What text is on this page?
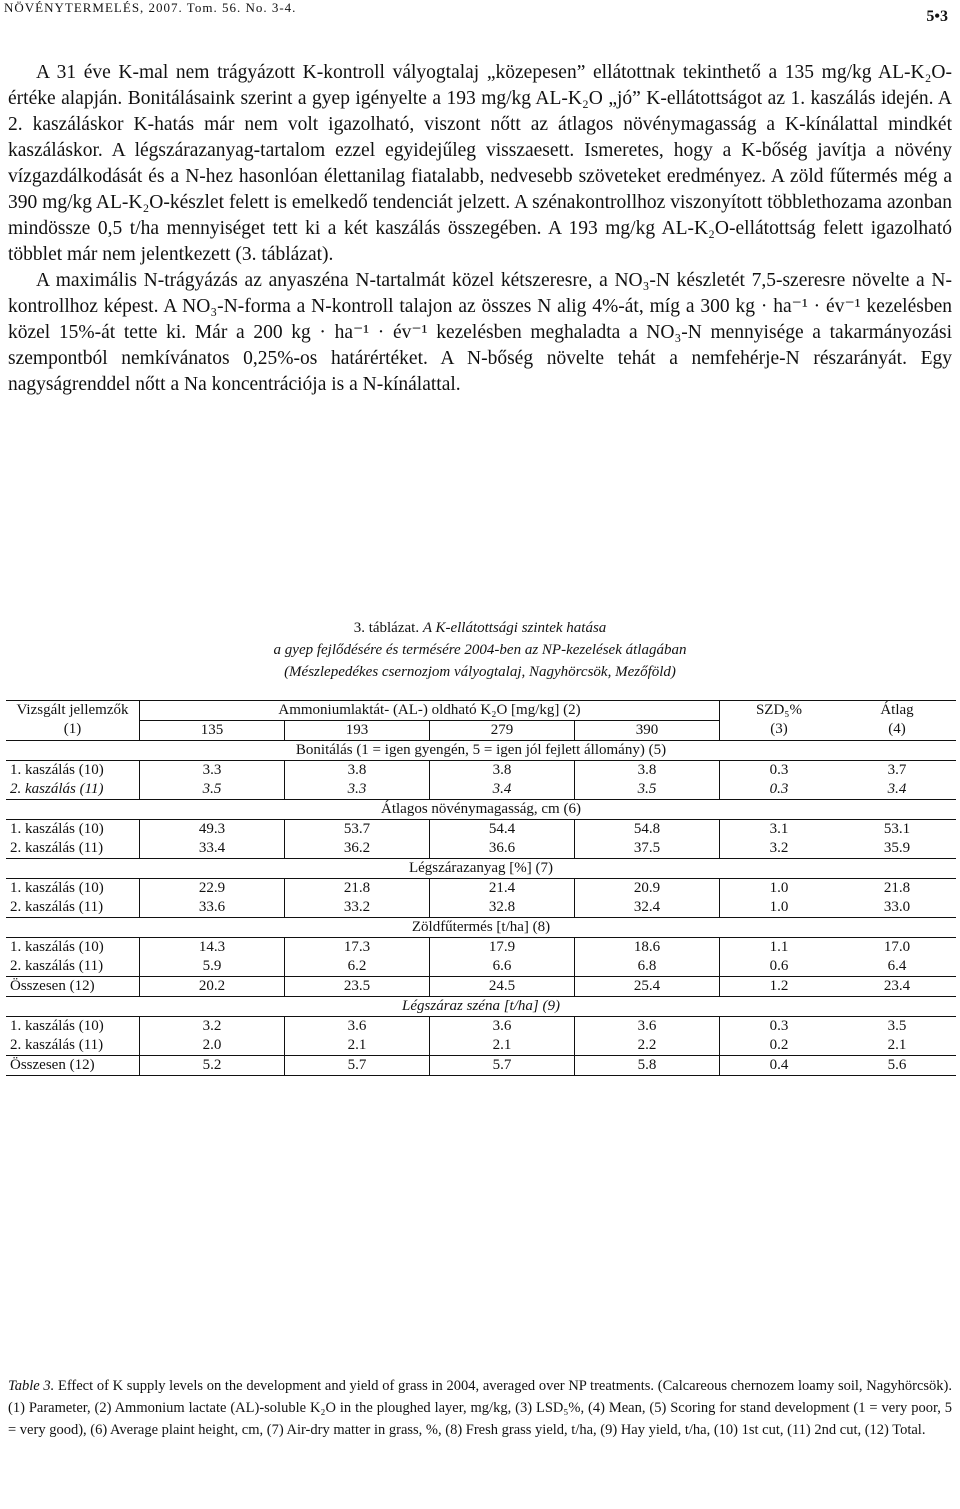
NÖVÉNYTERMELÉS, 2007. Tom. 56. No. 3-4.
5•3

A 31 éve K-mal nem trágyázott K-kontroll vályogtalaj „közepesen” ellátottnak tekinthető a 135 mg/kg AL-K₂O-értéke alapján. Bonitálásaink szerint a gyep igényelte a 193 mg/kg AL-K₂O „jó” K-ellátottságot az 1. kaszálás idején. A 2. kaszáláskor K-hatás már nem volt igazolható, viszont nőtt az átlagos növénymagasság a K-kínálattal mindkét kaszáláskor. A légszárazanyag-tartalom ezzel egyidejűleg visszaesett. Ismeretes, hogy a K-bőség javítja a növény vízgazdálkodását és a N-hez hasonlóan élettanilag fiatalabb, nedvesebb szöveteket eredményez. A zöld fűtermés még a 390 mg/kg AL-K₂O-készlet felett is emelkedő tendenciát jelzett. A szénakontrollhoz viszonyított többlethozama azonban mindössze 0,5 t/ha mennyiséget tett ki a két kaszálás összegében. A 193 mg/kg AL-K₂O-ellátottság felett igazolható többlet már nem jelentkezett (3. táblázat).

A maximális N-trágyázás az anyaszéna N-tartalmát közel kétszeresre, a NO₃-N készletét 7,5-szeresre növelte a N-kontrollhoz képest. A NO₃-N-forma a N-kontroll talajon az összes N alig 4%-át, míg a 300 kg · ha⁻¹ · év⁻¹ kezelésben közel 15%-át tette ki. Már a 200 kg · ha⁻¹ · év⁻¹ kezelésben meghaladta a NO₃-N mennyisége a takarmányozási szempontból nemkívánatos 0,25%-os határértéket. A N-bőség növelte tehát a nemfehérje-N részarányát. Egy nagyságrenddel nőtt a Na koncentrációja is a N-kínálattal.

3. táblázat. A K-ellátottsági szintek hatása
a gyep fejlődésére és termésére 2004-ben az NP-kezelések átlagában
(Mészlepedékes csernozjom vályogtalaj, Nagyhörcsök, Mezőföld)
Vizsgált jellemzők	Ammoniumlaktát- (AL-) oldható K₂O [mg/kg] (2)				SZD₅%	Átlag

(1)	135	193	279	390	(3)	(4)
Bonitálás (1 = igen gyengén, 5 = igen jól fejlett állomány) (5)						
1. kaszálás (10)	3.3	3.8	3.8	3.8	0.3	3.7
2. kaszálás (11)	3.5	3.3	3.4	3.5	0.3	3.4
Átlagos növénymagasság, cm (6)						
1. kaszálás (10)	49.3	53.7	54.4	54.8	3.1	53.1
2. kaszálás (11)	33.4	36.2	36.6	37.5	3.2	35.9
Légszárazanyag [%] (7)						
1. kaszálás (10)	22.9	21.8	21.4	20.9	1.0	21.8
2. kaszálás (11)	33.6	33.2	32.8	32.4	1.0	33.0
Zöldfűtermés [t/ha] (8)						
1. kaszálás (10)	14.3	17.3	17.9	18.6	1.1	17.0
2. kaszálás (11)	5.9	6.2	6.6	6.8	0.6	6.4
Összesen (12)	20.2	23.5	24.5	25.4	1.2	23.4
Légszáraz széna [t/ha] (9)						
1. kaszálás (10)	3.2	3.6	3.6	3.6	0.3	3.5
2. kaszálás (11)	2.0	2.1	2.1	2.2	0.2	2.1
Összesen (12)	5.2	5.7	5.7	5.8	0.4	5.6
Table 3. Effect of K supply levels on the development and yield of grass in 2004, averaged over NP treatments. (Calcareous chernozem loamy soil, Nagyhörcsök). (1) Parameter, (2) Ammonium lactate (AL)-soluble K₂O in the ploughed layer, mg/kg, (3) LSD₅%, (4) Mean, (5) Scoring for stand development (1 = very poor, 5 = very good), (6) Average plaint height, cm, (7) Air-dry matter in grass, %, (8) Fresh grass yield, t/ha, (9) Hay yield, t/ha, (10) 1st cut, (11) 2nd cut, (12) Total.
